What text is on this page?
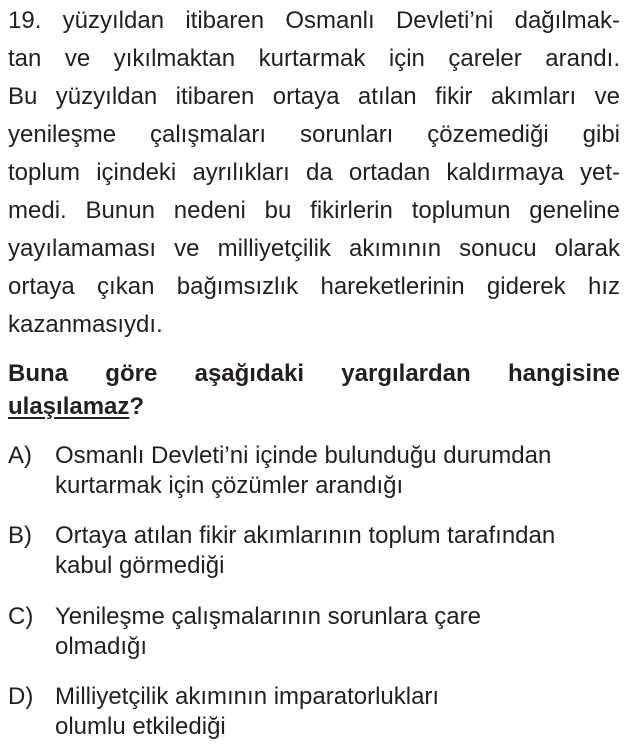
19. yüzyıldan itibaren Osmanlı Devleti’ni dağılmak-
tan ve yıkılmaktan kurtarmak için çareler arandı.
Bu yüzyıldan itibaren ortaya atılan fikir akımları ve
yenileşme çalışmaları sorunları çözemediği gibi
toplum içindeki ayrılıkları da ortadan kaldırmaya yet-
medi. Bunun nedeni bu fikirlerin toplumun geneline
yayılamaması ve milliyetçilik akımının sonucu olarak
ortaya çıkan bağımsızlık hareketlerinin giderek hız
kazanmasıydı.
Buna göre aşağıdaki yargılardan hangisine
ulaşılamaz?
A) Osmanlı Devleti’ni içinde bulunduğu durumdan
kurtarmak için çözümler arandığı
B) Ortaya atılan fikir akımlarının toplum tarafından
kabul görmediği
C) Yenileşme çalışmalarının sorunlara çare
olmadığı
D) Milliyetçilik akımının imparatorlukları
olumlu etkilediği
